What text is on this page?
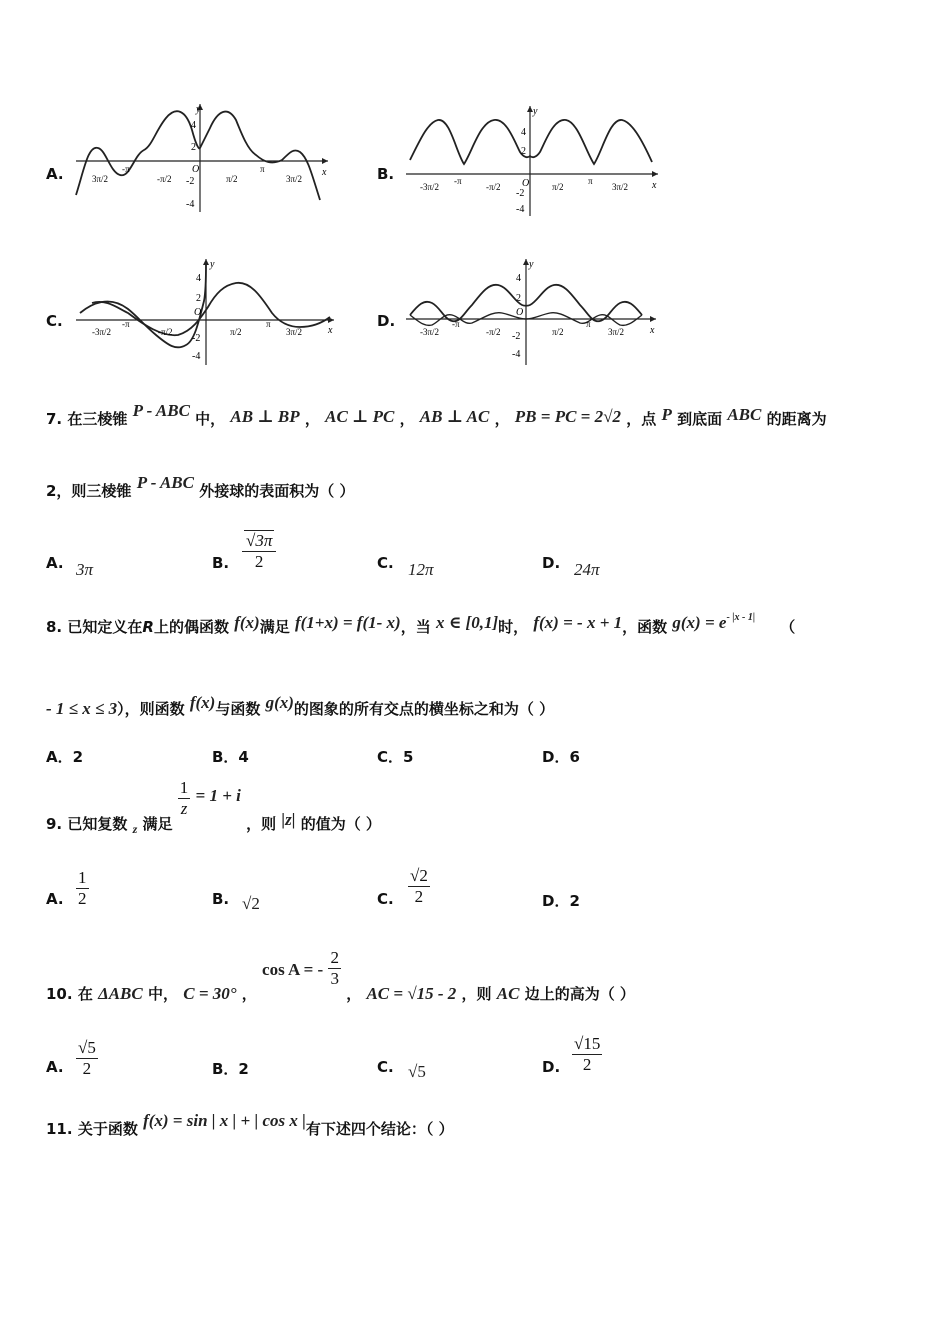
A.
y
x
O
4
2
-2
-4
3π/2
-π
-π/2	π/2
π
3π/2	B.
y
x
O
4
2
-2
-4
-3π/2
-π
-π/2	π/2
π
3π/2
C.
y
x
O
4
2
-2
-4
-3π/2
-π
-π/2	π/2
π
3π/2
D.
y
x
O
4
2
-2
-4
-3π/2
-π
-π/2	π/2
π
3π/2
7. 在三棱锥 P - ABC 中， AB ⊥ BP ， AC ⊥ PC ， AB ⊥ AC ， PB = PC = 2√2 ，点 P 到底面 ABC 的距离为
2，则三棱锥 P - ABC 外接球的表面积为（ ）
A. 3π	B. $\frac{√3\pi}{2}$	C. 12π	D. 24π
8. 已知定义在R上的偶函数 f(x)满足 f(1+x) = f(1- x)，当 x ∈ [0,1]时， f(x) = - x + 1，函数 $g(x) = e^{- |x - 1|}$ （
- 1 ≤ x ≤ 3），则函数 f(x)与函数 g(x)的图象的所有交点的横坐标之和为（ ）
A．2	B．4	C．5	D．6
9. 已知复数 $_z$ 满足
$\frac{1}{z} = 1 + i$ ，则 |z| 的值为（ ）
A. $\frac{1}{2}$	B. √2	C. $\frac{√2}{2}$	D．2
10. 在 ΔABC 中， C = 30° ， cos A = - $\frac{2}{3}$
， AC = √15 - 2 ，则 AC 边上的高为（ ）
A. $\frac{√5}{2}$	B．2	C. √5	D. $\frac{√15}{2}$
11. 关于函数 f(x) = sin | x | + | cos x |有下述四个结论：（ ）
